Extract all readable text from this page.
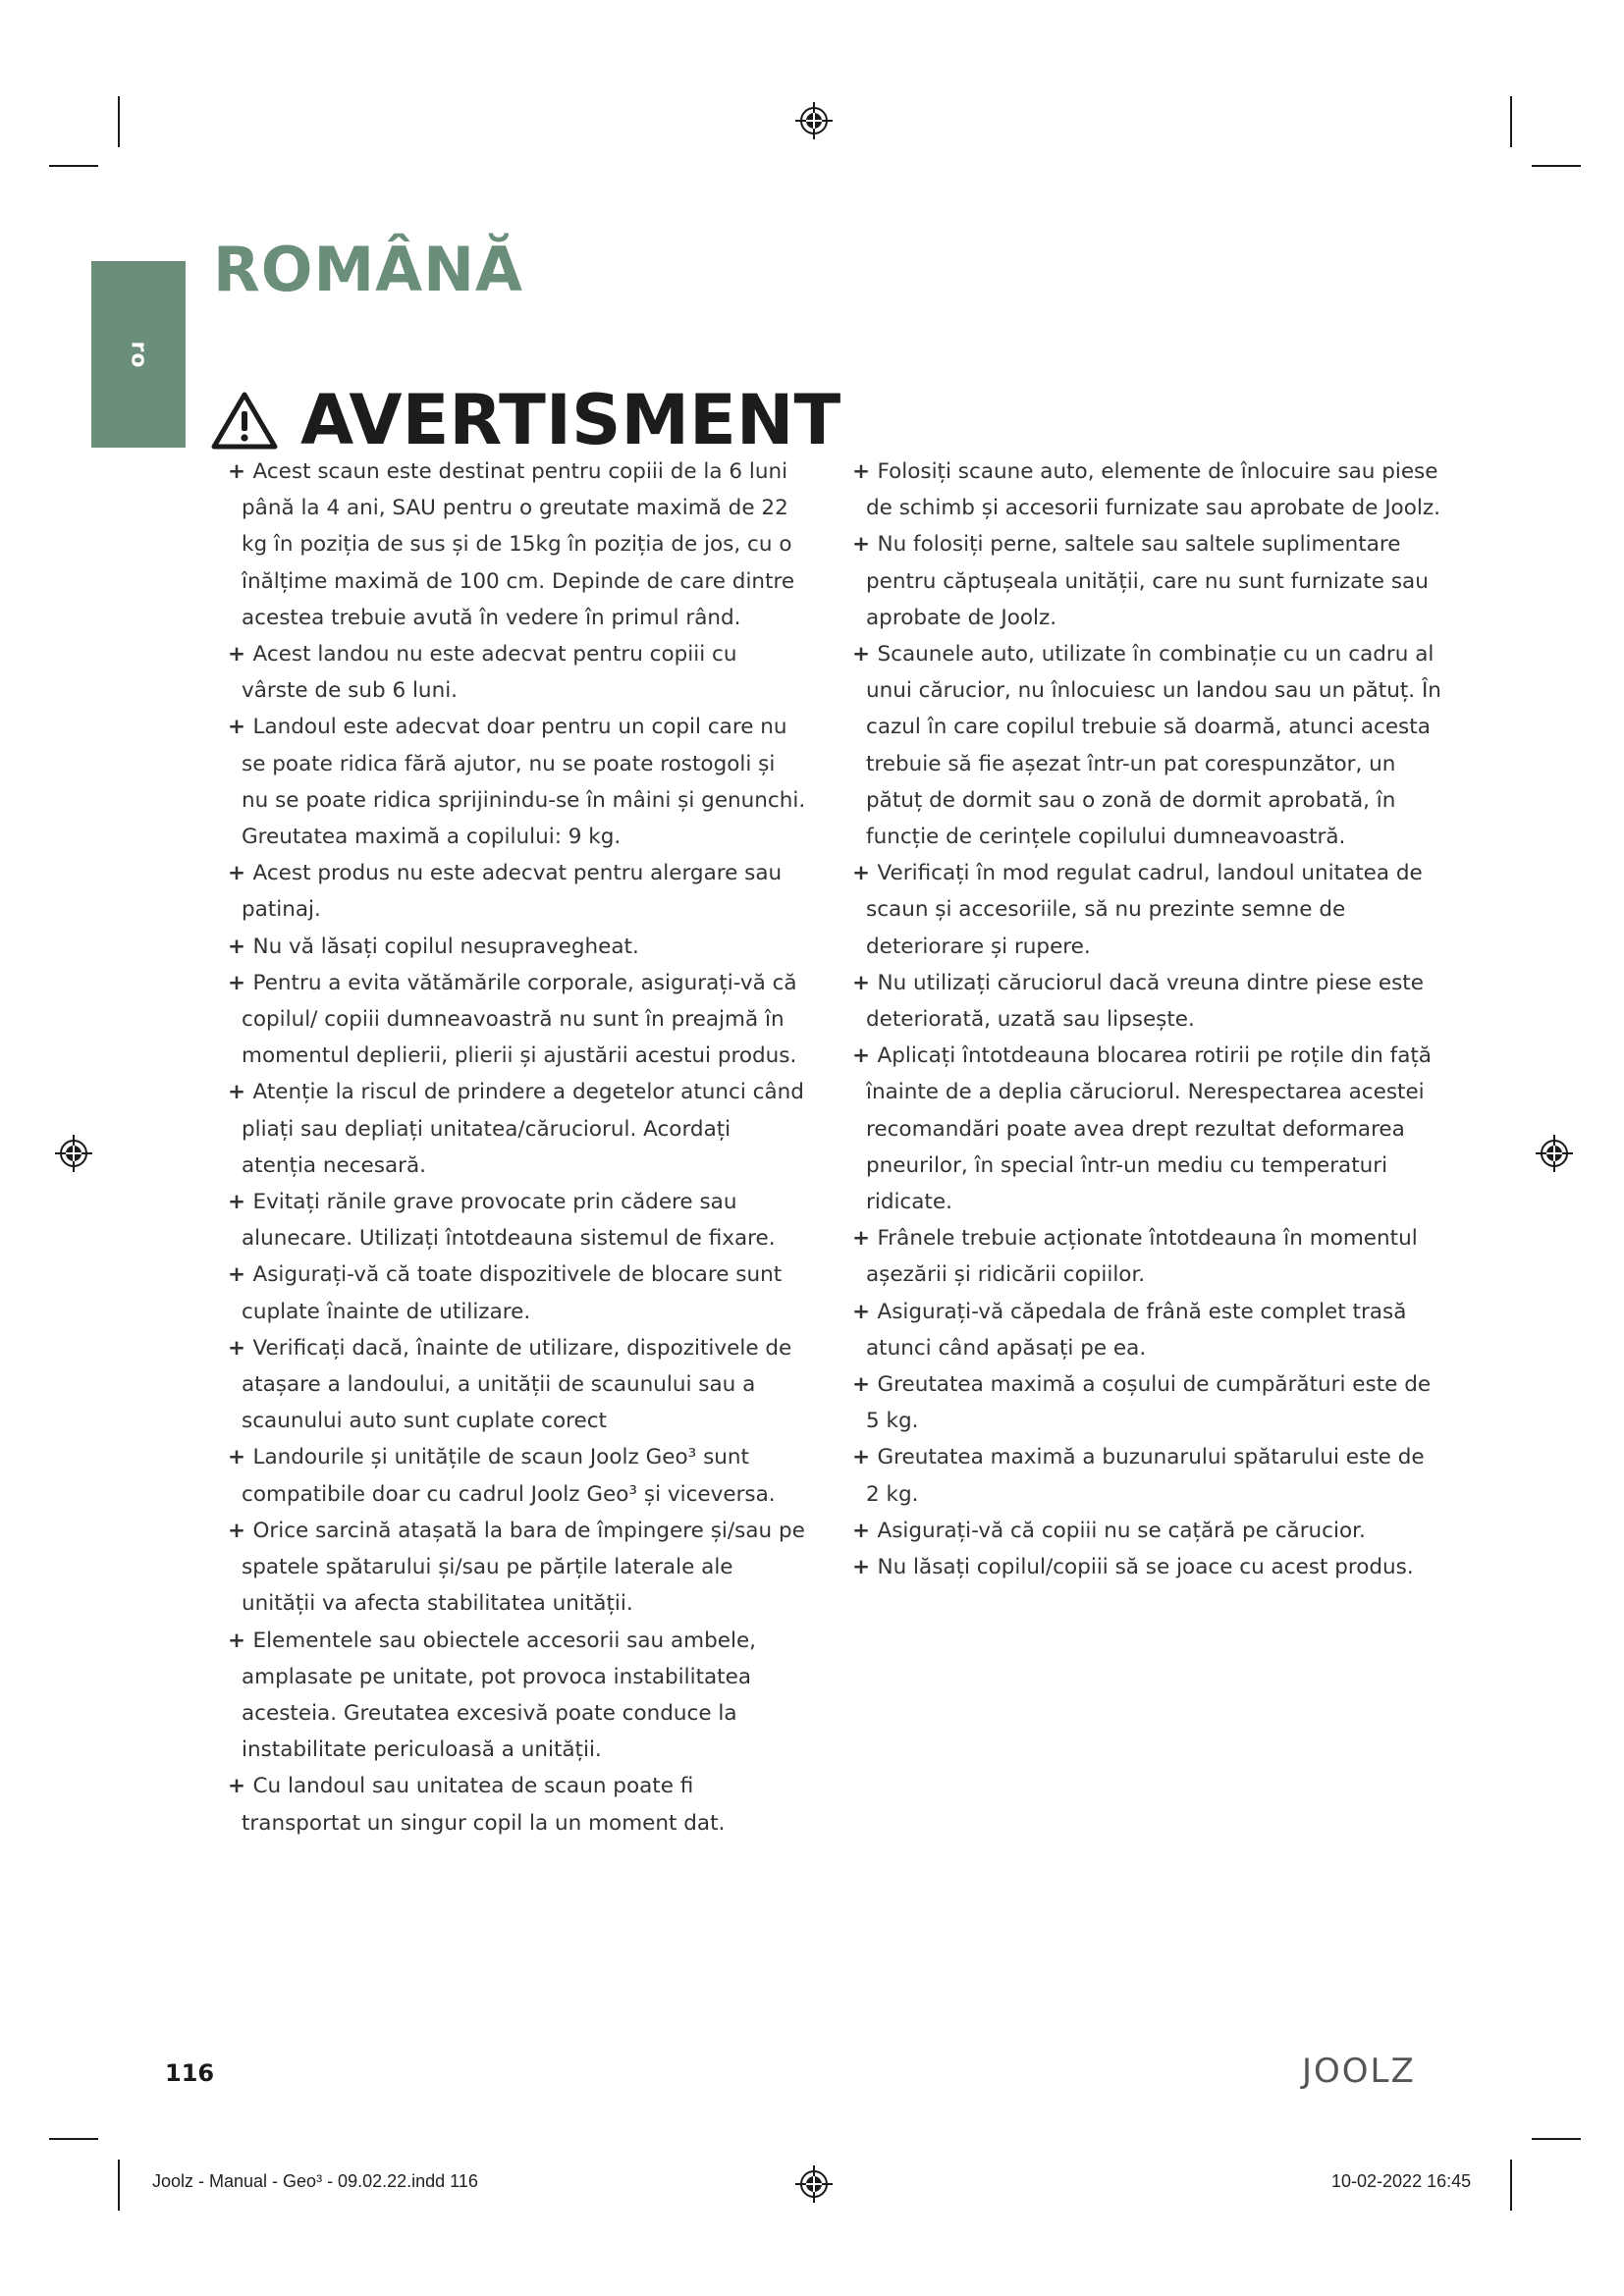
ro
ROMÂNĂ
AVERTISMENT
+ Acest scaun este destinat pentru copiii de la 6 luni până la 4 ani, SAU pentru o greutate maximă de 22 kg în poziția de sus și de 15kg în poziția de jos, cu o înălțime maximă de 100 cm. Depinde de care dintre acestea trebuie avută în vedere în primul rând.
+ Acest landou nu este adecvat pentru copiii cu vârste de sub 6 luni.
+ Landoul este adecvat doar pentru un copil care nu se poate ridica fără ajutor, nu se poate rostogoli și nu se poate ridica sprijinindu-se în mâini și genunchi. Greutatea maximă a copilului: 9 kg.
+ Acest produs nu este adecvat pentru alergare sau patinaj.
+ Nu vă lăsați copilul nesupravegheat.
+ Pentru a evita vătămările corporale, asigurați-vă că copilul/ copiii dumneavoastră nu sunt în preajmă în momentul deplierii, plierii și ajustării acestui produs.
+ Atenție la riscul de prindere a degetelor atunci când pliați sau depliați unitatea/căruciorul. Acordați atenția necesară.
+ Evitați rănile grave provocate prin cădere sau alunecare. Utilizați întotdeauna sistemul de fixare.
+ Asigurați-vă că toate dispozitivele de blocare sunt cuplate înainte de utilizare.
+ Verificați dacă, înainte de utilizare, dispozitivele de atașare a landoului, a unității de scaunului sau a scaunului auto sunt cuplate corect
+ Landourile și unitățile de scaun Joolz Geo³ sunt compatibile doar cu cadrul Joolz Geo³ și viceversa.
+ Orice sarcină atașată la bara de împingere și/sau pe spatele spătarului și/sau pe părțile laterale ale unității va afecta stabilitatea unității.
+ Elementele sau obiectele accesorii sau ambele, amplasate pe unitate, pot provoca instabilitatea acesteia. Greutatea excesivă poate conduce la instabilitate periculoasă a unității.
+ Cu landoul sau unitatea de scaun poate fi transportat un singur copil la un moment dat.
+ Folosiți scaune auto, elemente de înlocuire sau piese de schimb și accesorii furnizate sau aprobate de Joolz.
+ Nu folosiți perne, saltele sau saltele suplimentare pentru căptușeala unității, care nu sunt furnizate sau aprobate de Joolz.
+ Scaunele auto, utilizate în combinație cu un cadru al unui cărucior, nu înlocuiesc un landou sau un pătuț. În cazul în care copilul trebuie să doarmă, atunci acesta trebuie să fie așezat într-un pat corespunzător, un pătuț de dormit sau o zonă de dormit aprobată, în funcție de cerințele copilului dumneavoastră.
+ Verificați în mod regulat cadrul, landoul unitatea de scaun și accesoriile, să nu prezinte semne de deteriorare și rupere.
+ Nu utilizați căruciorul dacă vreuna dintre piese este deteriorată, uzată sau lipsește.
+ Aplicați întotdeauna blocarea rotirii pe roțile din față înainte de a deplia căruciorul. Nerespectarea acestei recomandări poate avea drept rezultat deformarea pneurilor, în special într-un mediu cu temperaturi ridicate.
+ Frânele trebuie acționate întotdeauna în momentul așezării și ridicării copiilor.
+ Asigurați-vă căpedala de frână este complet trasă atunci când apăsați pe ea.
+ Greutatea maximă a coșului de cumpărături este de 5 kg.
+ Greutatea maximă a buzunarului spătarului este de 2 kg.
+ Asigurați-vă că copiii nu se cațără pe cărucior.
+ Nu lăsați copilul/copiii să se joace cu acest produs.
116	JOOLZ
Joolz - Manual - Geo³ - 09.02.22.indd 116	10-02-2022 16:45
